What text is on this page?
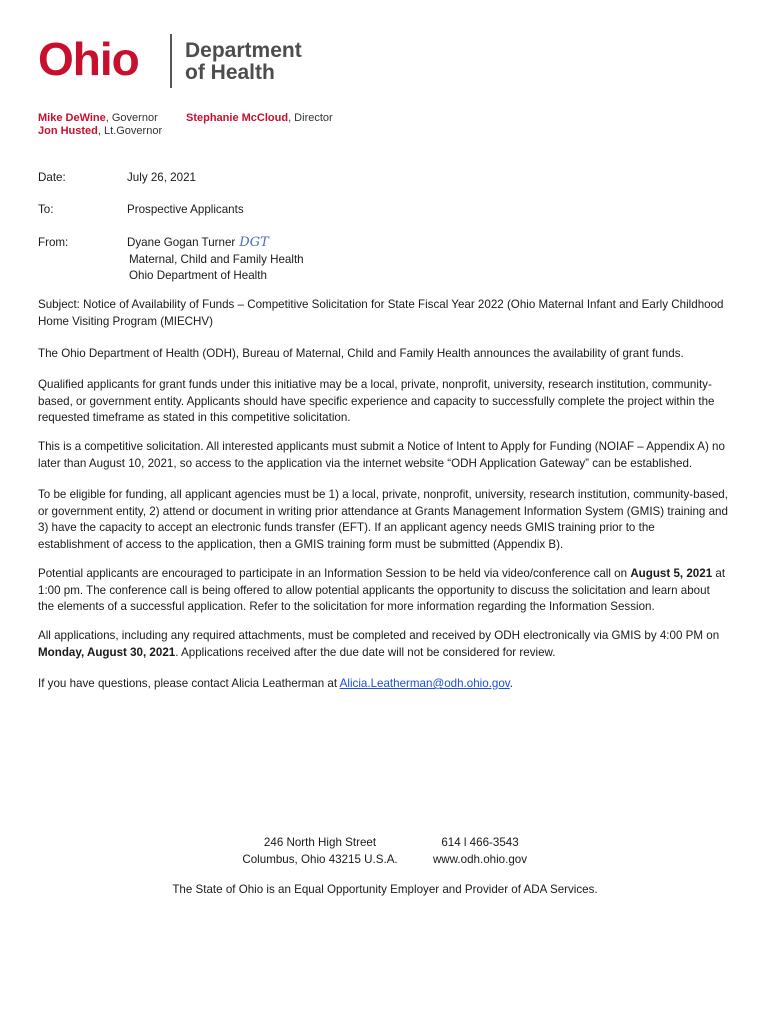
Ohio Department
of Health
Mike DeWine, Governor
Jon Husted, Lt.Governor
Stephanie McCloud, Director
Date:	July 26, 2021
To:	Prospective Applicants
From:	Dyane Gogan Turner DGT
Maternal, Child and Family Health
Ohio Department of Health
Subject: Notice of Availability of Funds – Competitive Solicitation for State Fiscal Year 2022 (Ohio Maternal Infant and Early Childhood Home Visiting Program (MIECHV)
The Ohio Department of Health (ODH), Bureau of Maternal, Child and Family Health announces the availability of grant funds.
Qualified applicants for grant funds under this initiative may be a local, private, nonprofit, university, research institution, community-based, or government entity. Applicants should have specific experience and capacity to successfully complete the project within the requested timeframe as stated in this competitive solicitation.
This is a competitive solicitation. All interested applicants must submit a Notice of Intent to Apply for Funding (NOIAF – Appendix A) no later than August 10, 2021, so access to the application via the internet website “ODH Application Gateway” can be established.
To be eligible for funding, all applicant agencies must be 1) a local, private, nonprofit, university, research institution, community-based, or government entity, 2) attend or document in writing prior attendance at Grants Management Information System (GMIS) training and 3) have the capacity to accept an electronic funds transfer (EFT). If an applicant agency needs GMIS training prior to the establishment of access to the application, then a GMIS training form must be submitted (Appendix B).
Potential applicants are encouraged to participate in an Information Session to be held via video/conference call on August 5, 2021 at 1:00 pm. The conference call is being offered to allow potential applicants the opportunity to discuss the solicitation and learn about the elements of a successful application. Refer to the solicitation for more information regarding the Information Session.
All applications, including any required attachments, must be completed and received by ODH electronically via GMIS by 4:00 PM on Monday, August 30, 2021. Applications received after the due date will not be considered for review.
If you have questions, please contact Alicia Leatherman at Alicia.Leatherman@odh.ohio.gov.
246 North High Street
Columbus, Ohio 43215 U.S.A.
614 l 466-3543
www.odh.ohio.gov
The State of Ohio is an Equal Opportunity Employer and Provider of ADA Services.
